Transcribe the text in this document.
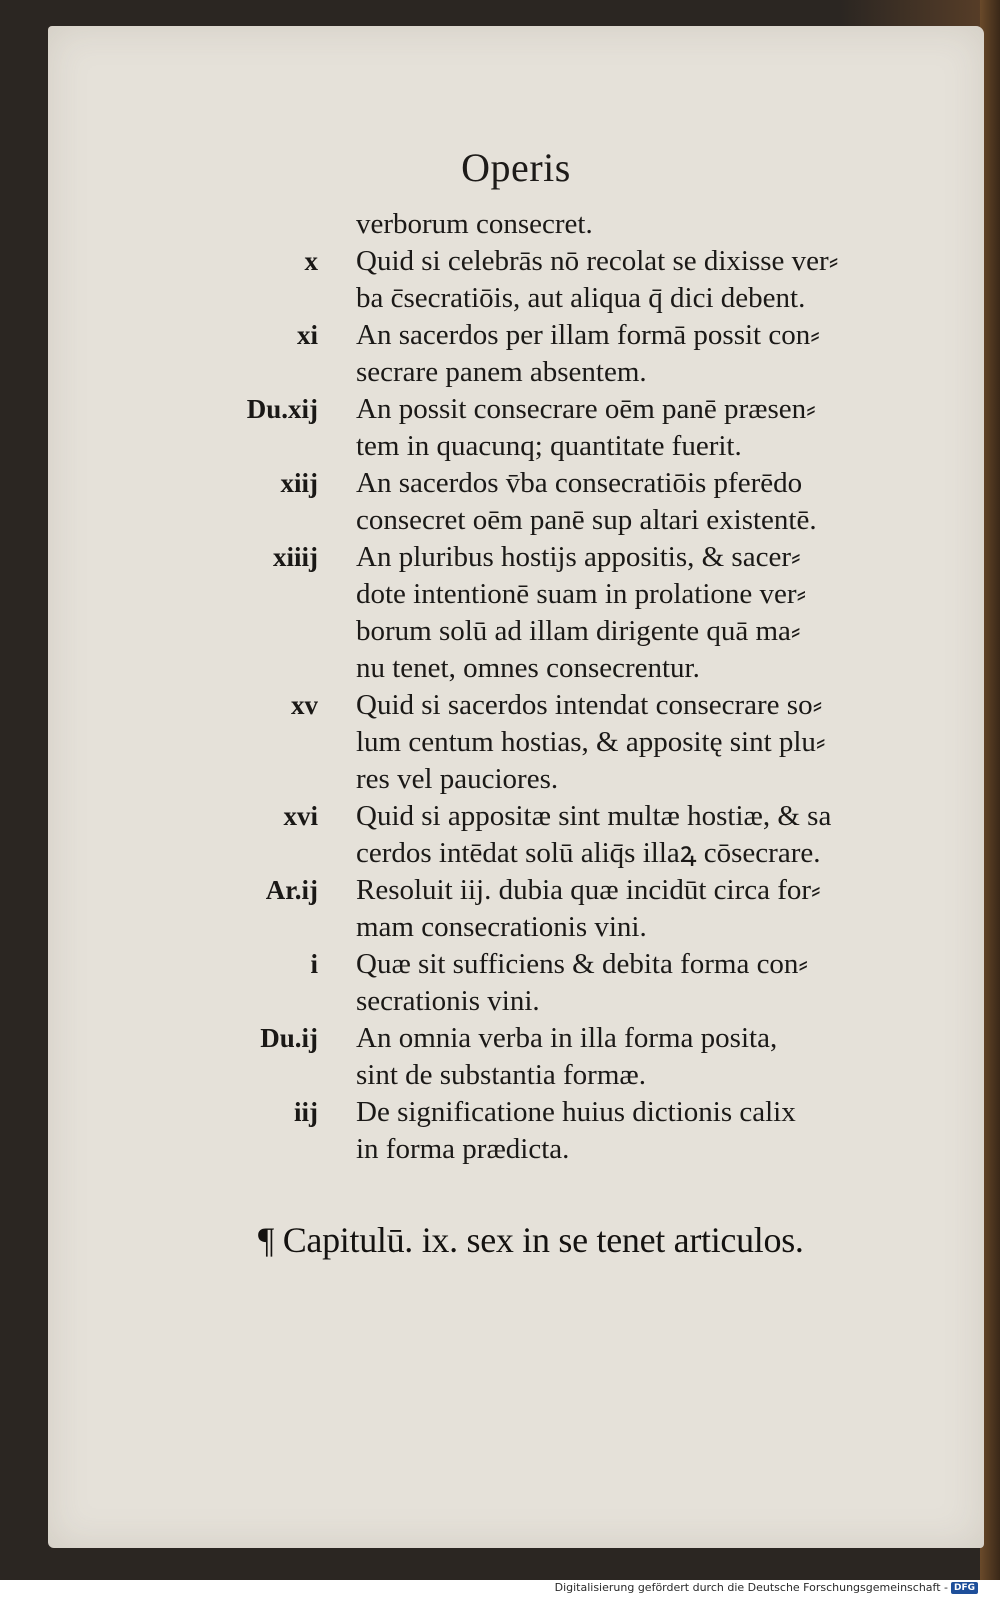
Operis
verborum consecret.
x Quid si celebrās nō recolat se dixisse ver⸗
ba c̄secratiōis, aut aliqua q̄ dici debent.
xi An sacerdos per illam formā possit con⸗
secrare panem absentem.
Du.xij An possit consecrare oēm panē præsen⸗
tem in quacunq; quantitate fuerit.
xiij An sacerdos v̄ba consecratiōis pferēdo
consecret oēm panē sup altari existentē.
xiiij An pluribus hostijs appositis, & sacer⸗
dote intentionē suam in prolatione ver⸗
borum solū ad illam dirigente quā ma⸗
nu tenet, omnes consecrentur.
xv Quid si sacerdos intendat consecrare so⸗
lum centum hostias, & appositę sint plu⸗
res vel pauciores.
xvi Quid si appositæ sint multæ hostiæ, & sa
cerdos intēdat solū aliq̄s illaꝝ cōsecrare.
Ar.ij Resoluit iij. dubia quæ incidūt circa for⸗
mam consecrationis vini.
i Quæ sit sufficiens & debita forma con⸗
secrationis vini.
Du.ij An omnia verba in illa forma posita,
sint de substantia formæ.
iij De significatione huius dictionis calix
in forma prædicta.
¶ Capitulū. ix. sex in se tenet articulos.
Digitalisierung gefördert durch die Deutsche Forschungsgemeinschaft - DFG
